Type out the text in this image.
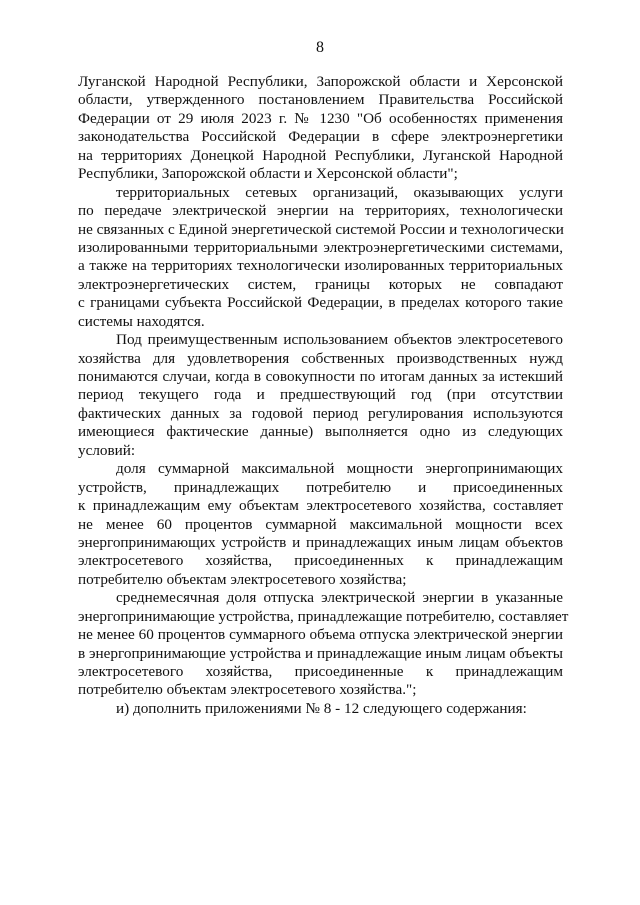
8
Луганской Народной Республики, Запорожской области и Херсонской
области, утвержденного постановлением Правительства Российской
Федерации от 29 июля 2023 г. № 1230 "Об особенностях применения
законодательства Российской Федерации в сфере электроэнергетики
на территориях Донецкой Народной Республики, Луганской Народной
Республики, Запорожской области и Херсонской области";
территориальных сетевых организаций, оказывающих услуги
по передаче электрической энергии на территориях, технологически
не связанных с Единой энергетической системой России и технологически
изолированными территориальными электроэнергетическими системами,
а также на территориях технологически изолированных территориальных
электроэнергетических систем, границы которых не совпадают
с границами субъекта Российской Федерации, в пределах которого такие
системы находятся.
Под преимущественным использованием объектов электросетевого
хозяйства для удовлетворения собственных производственных нужд
понимаются случаи, когда в совокупности по итогам данных за истекший
период текущего года и предшествующий год (при отсутствии
фактических данных за годовой период регулирования используются
имеющиеся фактические данные) выполняется одно из следующих
условий:
доля суммарной максимальной мощности энергопринимающих
устройств, принадлежащих потребителю и присоединенных
к принадлежащим ему объектам электросетевого хозяйства, составляет
не менее 60 процентов суммарной максимальной мощности всех
энергопринимающих устройств и принадлежащих иным лицам объектов
электросетевого хозяйства, присоединенных к принадлежащим
потребителю объектам электросетевого хозяйства;
среднемесячная доля отпуска электрической энергии в указанные
энергопринимающие устройства, принадлежащие потребителю, составляет
не менее 60 процентов суммарного объема отпуска электрической энергии
в энергопринимающие устройства и принадлежащие иным лицам объекты
электросетевого хозяйства, присоединенные к принадлежащим
потребителю объектам электросетевого хозяйства.";
и) дополнить приложениями № 8 - 12 следующего содержания:
